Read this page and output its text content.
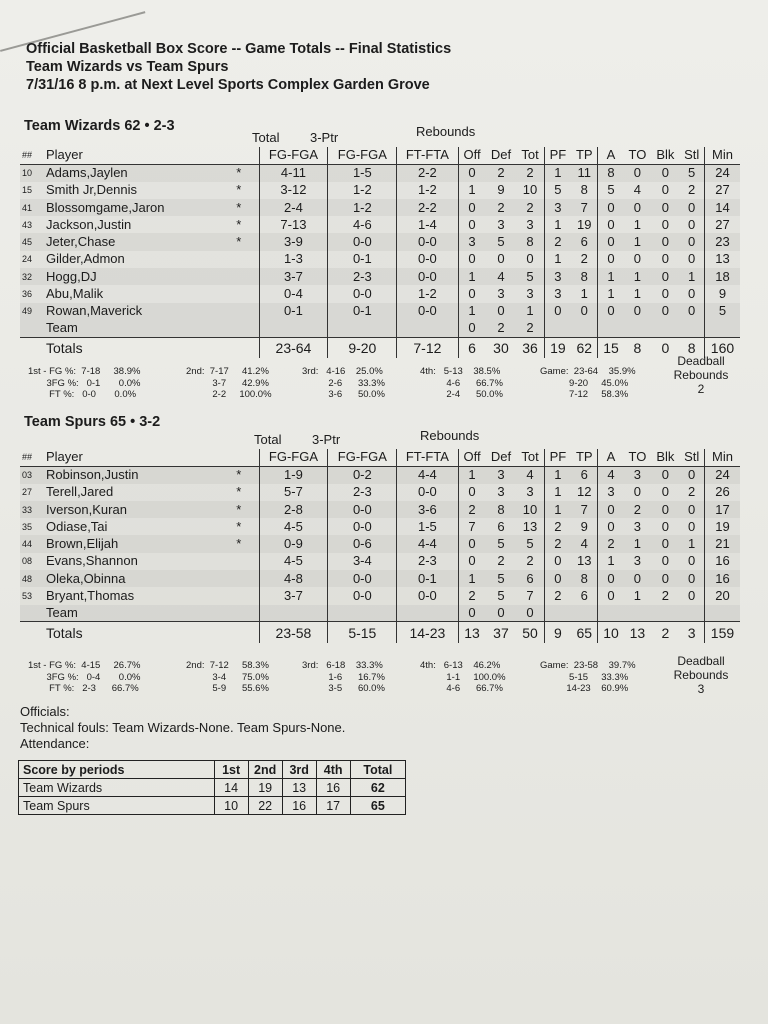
Official Basketball Box Score -- Game Totals -- Final Statistics
Team Wizards vs Team Spurs
7/31/16 8 p.m. at Next Level Sports Complex Garden Grove
Team Wizards 62 • 2-3
Total 3-Ptr	Rebounds
##	Player		FG-FGA	FG-FGA	FT-FTA	Off	Def	Tot	PF	TP	A	TO	Blk	Stl	Min
10	Adams,Jaylen	*	4-11	1-5	2-2	0	2	2	1	11	8	0	0	5	24
15	Smith Jr,Dennis	*	3-12	1-2	1-2	1	9	10	5	8	5	4	0	2	27
41	Blossomgame,Jaron	*	2-4	1-2	2-2	0	2	2	3	7	0	0	0	0	14
43	Jackson,Justin	*	7-13	4-6	1-4	0	3	3	1	19	0	1	0	0	27
45	Jeter,Chase	*	3-9	0-0	0-0	3	5	8	2	6	0	1	0	0	23
24	Gilder,Admon		1-3	0-1	0-0	0	0	0	1	2	0	0	0	0	13
32	Hogg,DJ		3-7	2-3	0-0	1	4	5	3	8	1	1	0	1	18
36	Abu,Malik		0-4	0-0	1-2	0	3	3	3	1	1	1	0	0	9
49	Rowan,Maverick		0-1	0-1	0-0	1	0	1	0	0	0	0	0	0	5
	Team					0	2	2							
	Totals		23-64	9-20	7-12	6	30	36	19	62	15	8	0	8	160
1st - FG %:  7-18     38.9%
3FG %:   0-1       0.0%
FT %:   0-0       0.0%
2nd:  7-17     41.2%
3-7      42.9%
2-2     100.0%
3rd:   4-16    25.0%
2-6      33.3%
3-6      50.0%
4th:   5-13    38.5%
4-6      66.7%
2-4      50.0%
Game:  23-64    35.9%
9-20     45.0%
7-12     58.3%
Deadball
Rebounds
2
Team Spurs 65 • 3-2
Total 3-Ptr	Rebounds
##	Player		FG-FGA	FG-FGA	FT-FTA	Off	Def	Tot	PF	TP	A	TO	Blk	Stl	Min
03	Robinson,Justin	*	1-9	0-2	4-4	1	3	4	1	6	4	3	0	0	24
27	Terell,Jared	*	5-7	2-3	0-0	0	3	3	1	12	3	0	0	2	26
33	Iverson,Kuran	*	2-8	0-0	3-6	2	8	10	1	7	0	2	0	0	17
35	Odiase,Tai	*	4-5	0-0	1-5	7	6	13	2	9	0	3	0	0	19
44	Brown,Elijah	*	0-9	0-6	4-4	0	5	5	2	4	2	1	0	1	21
08	Evans,Shannon		4-5	3-4	2-3	0	2	2	0	13	1	3	0	0	16
48	Oleka,Obinna		4-8	0-0	0-1	1	5	6	0	8	0	0	0	0	16
53	Bryant,Thomas		3-7	0-0	0-0	2	5	7	2	6	0	1	2	0	20
	Team					0	0	0							
	Totals		23-58	5-15	14-23	13	37	50	9	65	10	13	2	3	159
1st - FG %:  4-15     26.7%
3FG %:   0-4       0.0%
FT %:   2-3      66.7%
2nd:  7-12     58.3%
3-4      75.0%
5-9      55.6%
3rd:   6-18    33.3%
1-6      16.7%
3-5      60.0%
4th:   6-13    46.2%
1-1     100.0%
4-6      66.7%
Game:  23-58    39.7%
5-15     33.3%
14-23    60.9%
Deadball
Rebounds
3
Officials:
Technical fouls: Team Wizards-None. Team Spurs-None.
Attendance:
Score by periods	1st	2nd	3rd	4th	Total
Team Wizards	14	19	13	16	62
Team Spurs	10	22	16	17	65
